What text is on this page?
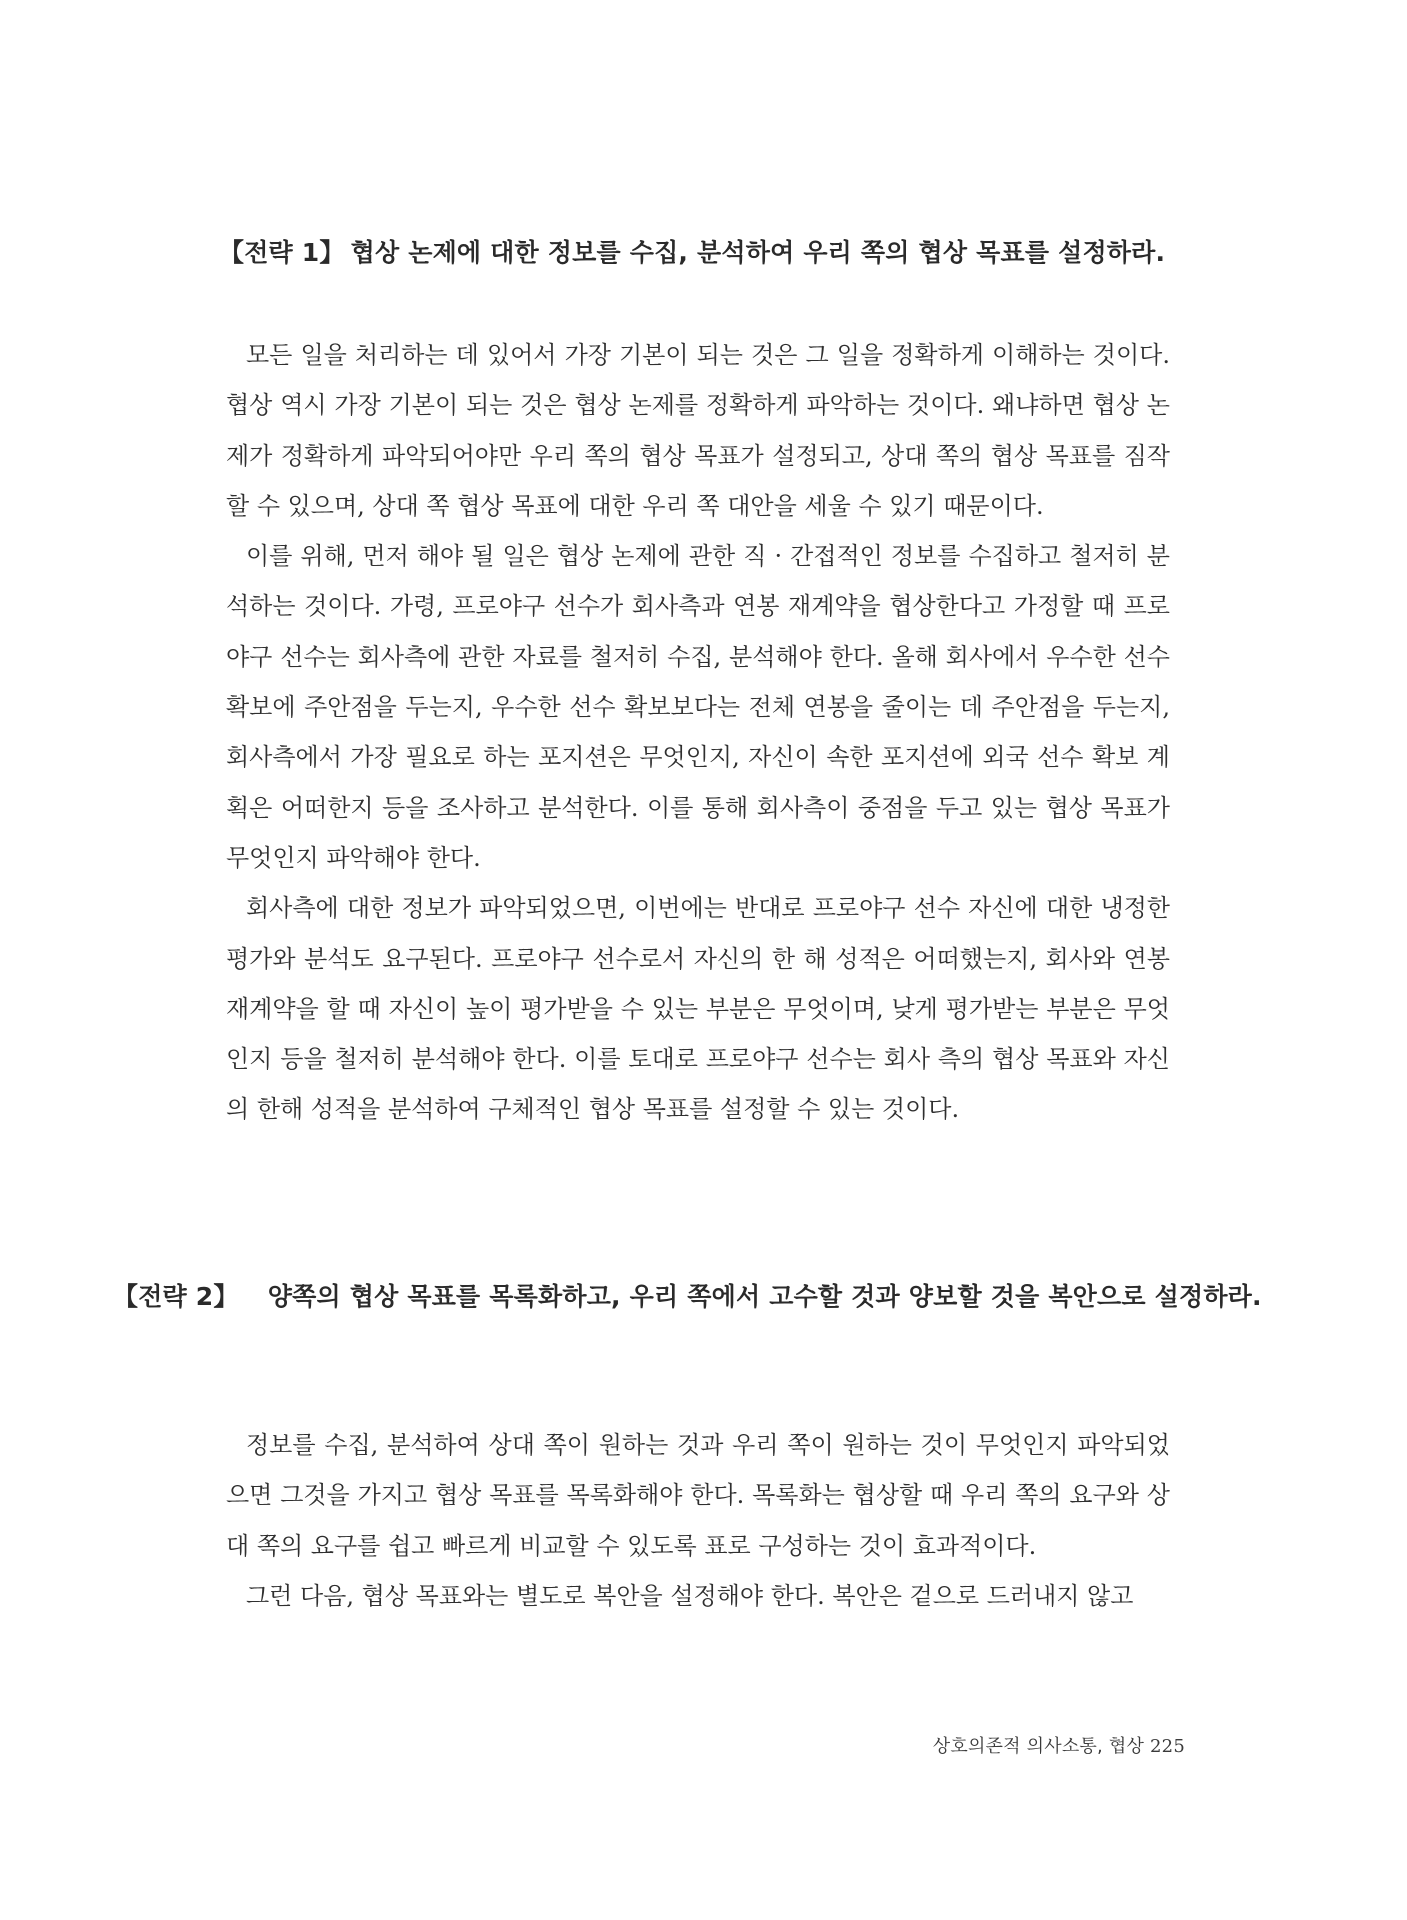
【전략 1】 협상 논제에 대한 정보를 수집, 분석하여 우리 쪽의 협상 목표를 설정하라.

모든 일을 처리하는 데 있어서 가장 기본이 되는 것은 그 일을 정확하게 이해하는 것이다. 협상 역시 가장 기본이 되는 것은 협상 논제를 정확하게 파악하는 것이다. 왜냐하면 협상 논제가 정확하게 파악되어야만 우리 쪽의 협상 목표가 설정되고, 상대 쪽의 협상 목표를 짐작할 수 있으며, 상대 쪽 협상 목표에 대한 우리 쪽 대안을 세울 수 있기 때문이다.

이를 위해, 먼저 해야 될 일은 협상 논제에 관한 직 · 간접적인 정보를 수집하고 철저히 분석하는 것이다. 가령, 프로야구 선수가 회사측과 연봉 재계약을 협상한다고 가정할 때 프로야구 선수는 회사측에 관한 자료를 철저히 수집, 분석해야 한다. 올해 회사에서 우수한 선수 확보에 주안점을 두는지, 우수한 선수 확보보다는 전체 연봉을 줄이는 데 주안점을 두는지, 회사측에서 가장 필요로 하는 포지션은 무엇인지, 자신이 속한 포지션에 외국 선수 확보 계획은 어떠한지 등을 조사하고 분석한다. 이를 통해 회사측이 중점을 두고 있는 협상 목표가 무엇인지 파악해야 한다.

회사측에 대한 정보가 파악되었으면, 이번에는 반대로 프로야구 선수 자신에 대한 냉정한 평가와 분석도 요구된다. 프로야구 선수로서 자신의 한 해 성적은 어떠했는지, 회사와 연봉 재계약을 할 때 자신이 높이 평가받을 수 있는 부분은 무엇이며, 낮게 평가받는 부분은 무엇인지 등을 철저히 분석해야 한다. 이를 토대로 프로야구 선수는 회사 측의 협상 목표와 자신의 한해 성적을 분석하여 구체적인 협상 목표를 설정할 수 있는 것이다.

【전략 2】 양쪽의 협상 목표를 목록화하고, 우리 쪽에서 고수할 것과 양보할 것을 복안으로 설정하라.

정보를 수집, 분석하여 상대 쪽이 원하는 것과 우리 쪽이 원하는 것이 무엇인지 파악되었으면 그것을 가지고 협상 목표를 목록화해야 한다. 목록화는 협상할 때 우리 쪽의 요구와 상대 쪽의 요구를 쉽고 빠르게 비교할 수 있도록 표로 구성하는 것이 효과적이다.

그런 다음, 협상 목표와는 별도로 복안을 설정해야 한다. 복안은 겉으로 드러내지 않고

상호의존적 의사소통, 협상 225
